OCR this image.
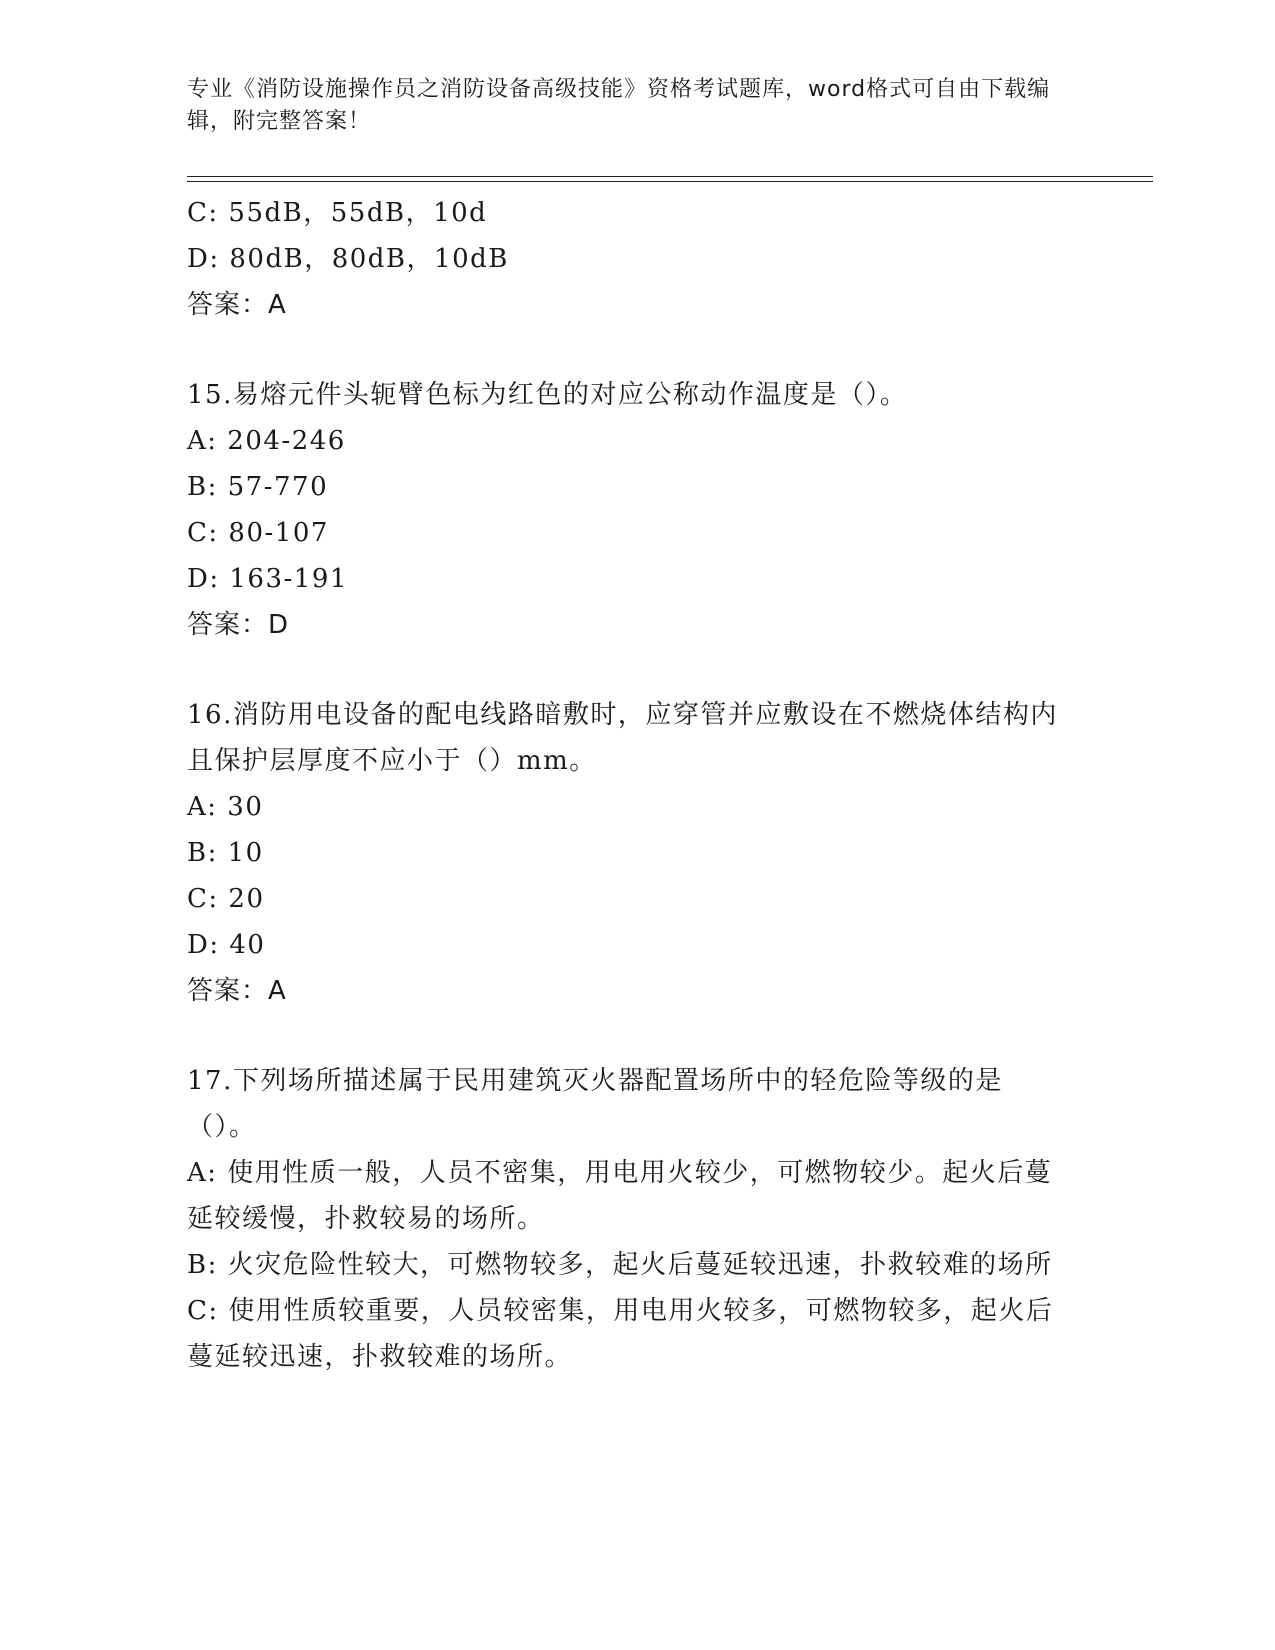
专业《消防设施操作员之消防设备高级技能》资格考试题库，word格式可自由下载编辑，附完整答案！
C: 55dB，55dB，10d
D: 80dB，80dB，10dB
答案：A
15.易熔元件头轭臂色标为红色的对应公称动作温度是（）。
A: 204-246
B: 57-770
C: 80-107
D: 163-191
答案：D
16.消防用电设备的配电线路暗敷时，应穿管并应敷设在不燃烧体结构内且保护层厚度不应小于（）mm。
A: 30
B: 10
C: 20
D: 40
答案：A
17.下列场所描述属于民用建筑灭火器配置场所中的轻危险等级的是（）。
A: 使用性质一般，人员不密集，用电用火较少，可燃物较少。起火后蔓延较缓慢，扑救较易的场所。
B: 火灾危险性较大，可燃物较多，起火后蔓延较迅速，扑救较难的场所
C: 使用性质较重要，人员较密集，用电用火较多，可燃物较多，起火后蔓延较迅速，扑救较难的场所。
